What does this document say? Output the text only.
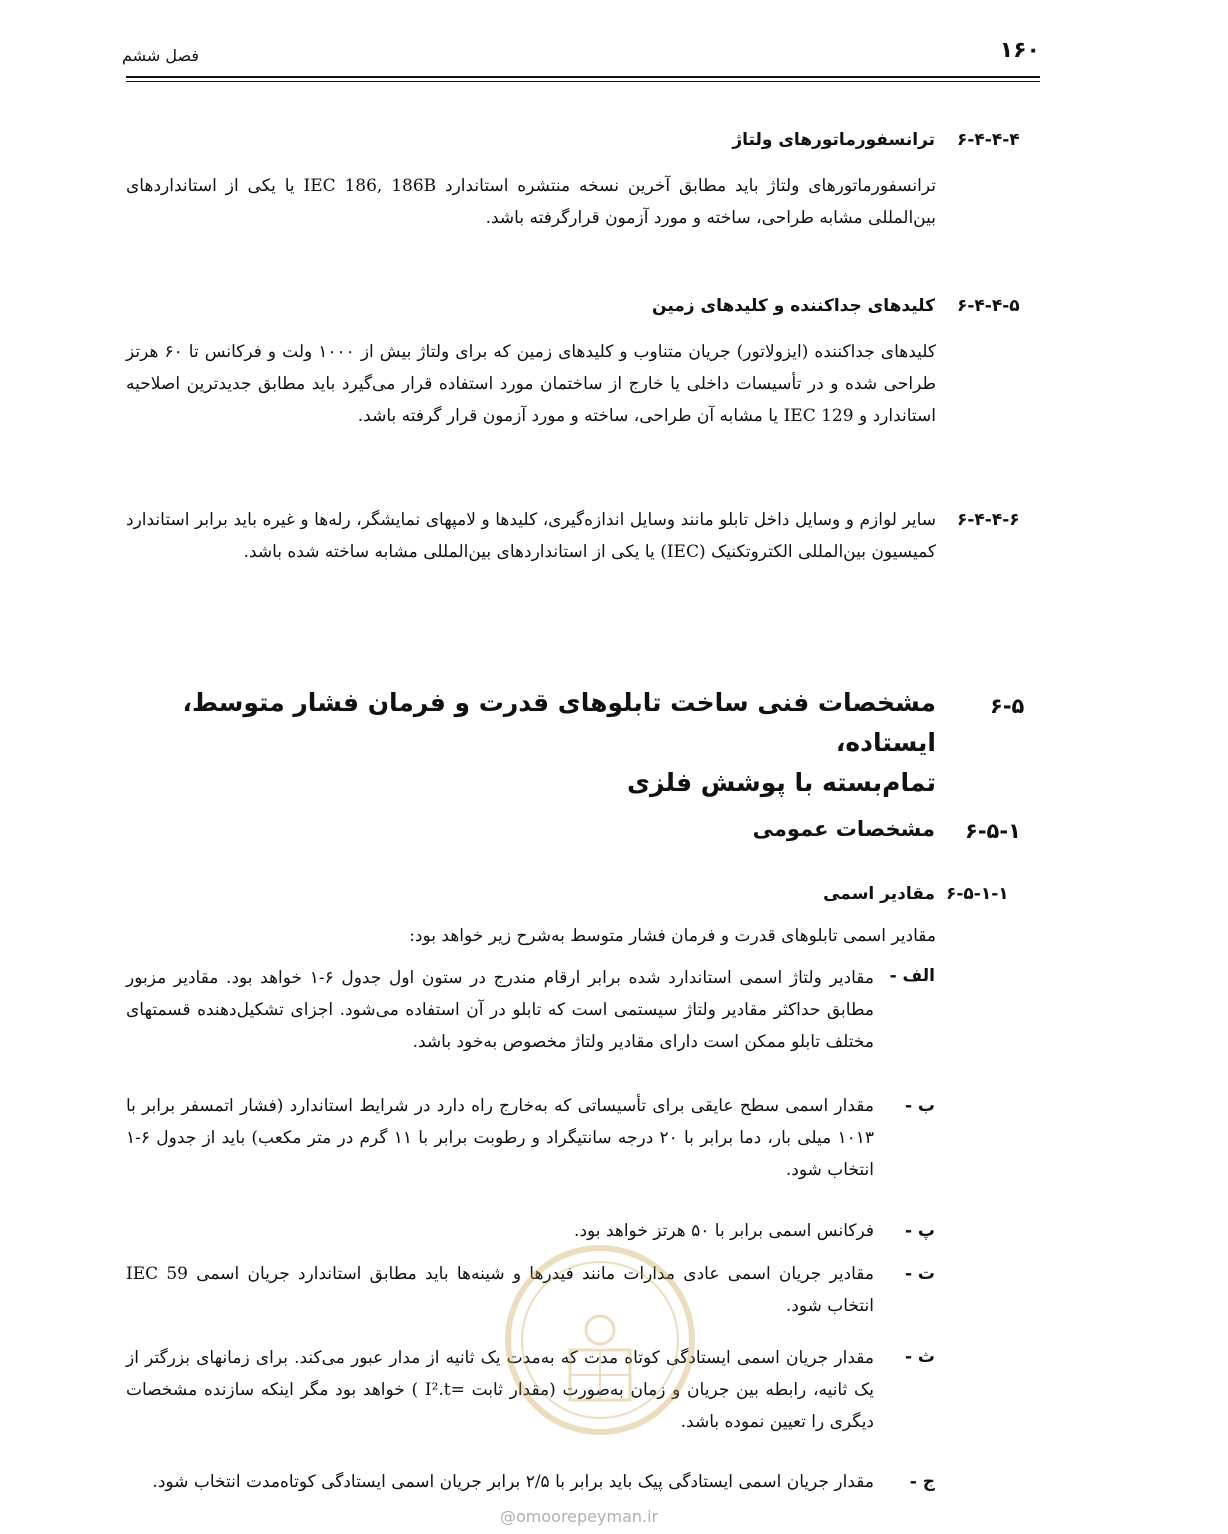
۱۶۰
فصل ششم
۶-۴-۴-۴
ترانسفورماتورهای ولتاژ

ترانسفورماتورهای ولتاژ باید مطابق آخرین نسخه منتشره استاندارد IEC 186, 186B یا یکی از استانداردهای بین‌المللی مشابه طراحی، ساخته و مورد آزمون قرارگرفته باشد.

۶-۴-۴-۵
کلیدهای جداکننده و کلیدهای زمین

کلیدهای جداکننده (ایزولاتور) جریان متناوب و کلیدهای زمین که برای ولتاژ بیش از ۱۰۰۰ ولت و فرکانس تا ۶۰ هرتز طراحی شده و در تأسیسات داخلی یا خارج از ساختمان مورد استفاده قرار می‌گیرد باید مطابق جدیدترین اصلاحیه استاندارد و IEC 129 یا مشابه آن طراحی، ساخته و مورد آزمون قرار گرفته باشد.

۶-۴-۴-۶

سایر لوازم و وسایل داخل تابلو مانند وسایل اندازه‌گیری، کلیدها و لامپهای نمایشگر، رله‌ها و غیره باید برابر استاندارد کمیسیون بین‌المللی الکتروتکنیک (IEC) یا یکی از استانداردهای بین‌المللی مشابه ساخته شده باشد.

۶-۵
مشخصات فنی ساخت تابلوهای قدرت و فرمان فشار متوسط، ایستاده،
تمام‌بسته با پوشش فلزی
۶-۵-۱
مشخصات عمومی
۶-۵-۱-۱
مقادیر اسمی

مقادیر اسمی تابلوهای قدرت و فرمان فشار متوسط به‌شرح زیر خواهد بود:

الف -

مقادیر ولتاژ اسمی استاندارد شده برابر ارقام مندرج در ستون اول جدول ۶-۱ خواهد بود. مقادیر مزبور مطابق حداکثر مقادیر ولتاژ سیستمی است که تابلو در آن استفاده می‌شود. اجزای تشکیل‌دهنده قسمتهای مختلف تابلو ممکن است دارای مقادیر ولتاژ مخصوص به‌خود باشد.

ب -

مقدار اسمی سطح عایقی برای تأسیساتی که به‌خارج راه دارد در شرایط استاندارد (فشار اتمسفر برابر با ۱۰۱۳ میلی بار، دما برابر با ۲۰ درجه سانتیگراد و رطوبت برابر با ۱۱ گرم در متر مکعب) باید از جدول ۶-۱ انتخاب شود.

پ -

فرکانس اسمی برابر با ۵۰ هرتز خواهد بود.

ت -

مقادیر جریان اسمی عادی مدارات مانند فیدرها و شینه‌ها باید مطابق استاندارد جریان اسمی IEC 59 انتخاب شود.

ث -

مقدار جریان اسمی ایستادگی کوتاه مدت که به‌مدت یک ثانیه از مدار عبور می‌کند. برای زمانهای بزرگتر از یک ثانیه، رابطه بین جریان و زمان به‌صورت (مقدار ثابت =I².t ) خواهد بود مگر اینکه سازنده مشخصات دیگری را تعیین نموده باشد.

ج -

مقدار جریان اسمی ایستادگی پیک باید برابر با ۲/۵ برابر جریان اسمی ایستادگی کوتاه‌مدت انتخاب شود.

@omoorepeyman.ir
